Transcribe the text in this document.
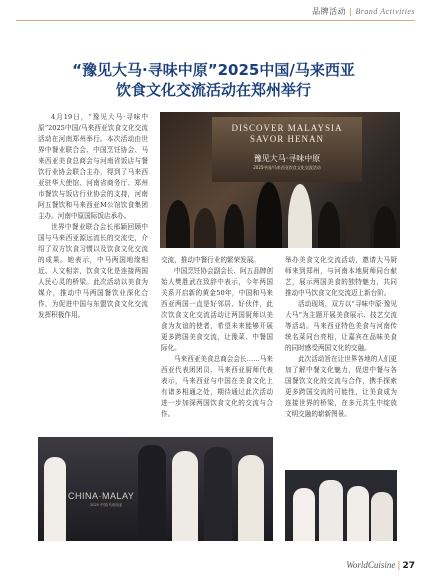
品牌活动 | Brand Activities
“豫见大马·寻味中原”2025中国/马来西亚
饮食文化交流活动在郑州举行

4月19日，“豫见大马·寻味中原”2025中国/马来西亚饮食文化交流活动在河南郑州举行。本次活动由世界中餐业联合会、中国烹饪协会、马来西亚美食总商会与河南省饭店与餐饮行业协会联合主办，得到了马来西亚驻华大使馆、河南省商务厅、郑州市餐饮与饭店行业协会的支持，河南阿五餐饮和马来西亚M公馆饮食集团主办。河南中原国际饭店承办。

世界中餐业联合会长邢颖回顾中国与马来西亚源远流长的交流史，介绍了双方饮食习惯以及饮食文化交流的成果。她表示，中马两国地缘相近、人文相亲，饮食文化是连接两国人民心灵的桥梁。此次活动以美食为媒介，推动中马两国餐饮业深化合作，为促进中国与东盟饮食文化交流发挥积极作用。

DISCOVER MALAYSIA
SAVOR HENAN
豫见大马·寻味中原
2025中国/马来西亚饮食文化交流活动

交流，推动中餐行业的繁荣发展。

中国烹饪协会副会长、阿五品牌创始人樊胜武在致辞中表示，今年两国关系开启新的黄金50年，中国和马来西亚两国一直是好邻居、好伙伴，此次饮食文化交流活动让两国厨师以美食为友谊的使者，希望未来能够开展更多跨国美食交流，让豫菜、中餐国际化。

马来西亚美食总商会会长……马来西亚代表团团员、马来西亚厨师代表表示，马来西亚与中国在美食文化上有诸多相通之处，期待通过此次活动进一步加深两国饮食文化的交流与合作。

举办美食文化交流活动，邀请大马厨师来到郑州，与河南本地厨师同台献艺，展示两国美食的独特魅力，共同推动中马饮食文化交流迈上新台阶。

活动现场，双方以“寻味中原·豫见大马”为主题开展美食展示、技艺交流等活动。马来西亚特色美食与河南传统名菜同台亮相，让嘉宾在品味美食的同时感受两国文化的交融。

此次活动旨在让世界各地的人们更加了解中餐文化魅力，促进中餐与各国餐饮文化的交流与合作，携手探索更多跨国交流的可能性，让美食成为连接世界的桥梁，在多元共生中绽放文明交融的崭新图景。

CHINA·MALAY
2025 中国/马来西亚
WorldCuisine | 27
